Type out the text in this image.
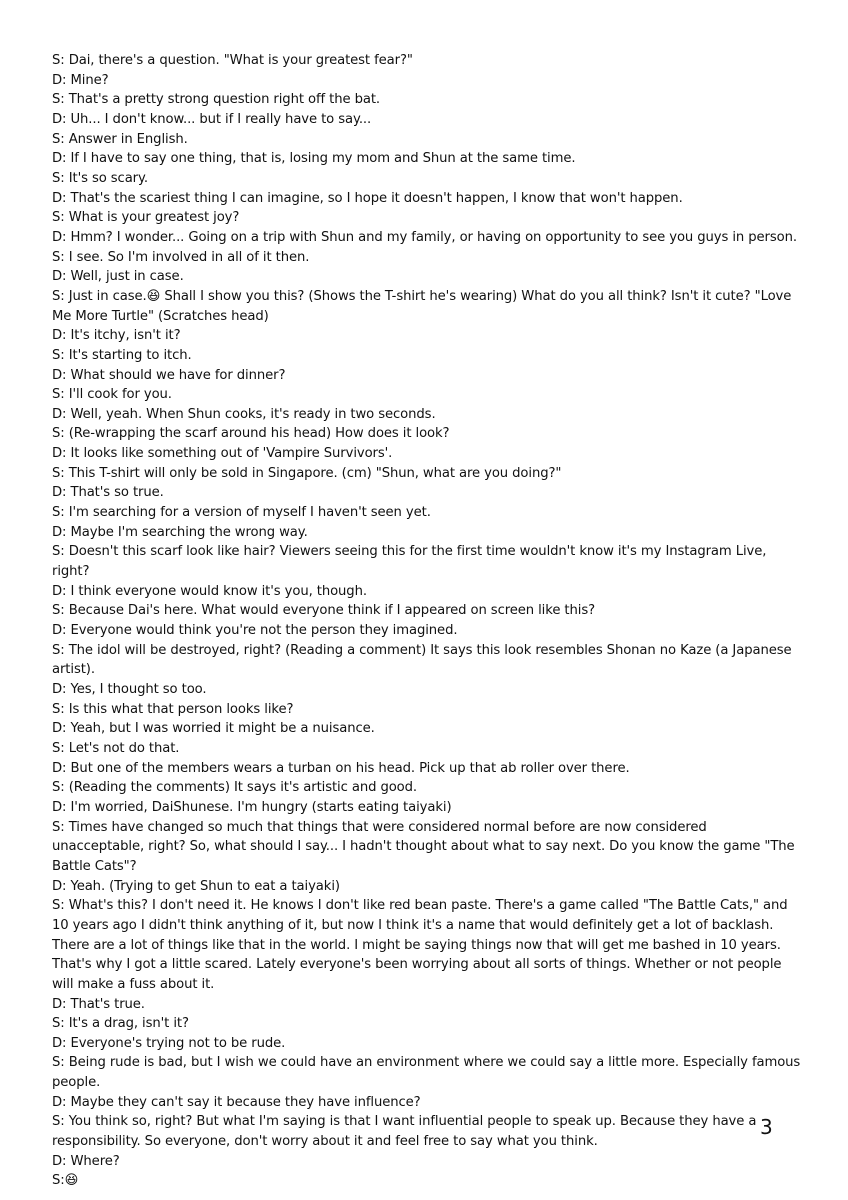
S: Dai, there's a question. "What is your greatest fear?"

D: Mine?

S: That's a pretty strong question right off the bat.

D: Uh... I don't know... but if I really have to say...

S: Answer in English.

D: If I have to say one thing, that is, losing my mom and Shun at the same time.

S: It's so scary.

D: That's the scariest thing I can imagine, so I hope it doesn't happen, I know that won't happen.

S: What is your greatest joy?

D: Hmm? I wonder... Going on a trip with Shun and my family, or having on opportunity to see you guys in person.

S: I see. So I'm involved in all of it then.

D: Well, just in case.

S: Just in case.😆 Shall I show you this? (Shows the T-shirt he's wearing) What do you all think? Isn't it cute? "Love Me More Turtle" (Scratches head)

D: It's itchy, isn't it?

S: It's starting to itch.

D: What should we have for dinner?

S: I'll cook for you.

D: Well, yeah. When Shun cooks, it's ready in two seconds.

S: (Re-wrapping the scarf around his head) How does it look?

D: It looks like something out of 'Vampire Survivors'.

S: This T-shirt will only be sold in Singapore. (cm) "Shun, what are you doing?"

D: That's so true.

S: I'm searching for a version of myself I haven't seen yet.

D: Maybe I'm searching the wrong way.

S: Doesn't this scarf look like hair? Viewers seeing this for the first time wouldn't know it's my Instagram Live, right?

D: I think everyone would know it's you, though.

S: Because Dai's here. What would everyone think if I appeared on screen like this?

D: Everyone would think you're not the person they imagined.

S: The idol will be destroyed, right? (Reading a comment) It says this look resembles Shonan no Kaze (a Japanese artist).

D: Yes, I thought so too.

S: Is this what that person looks like?

D: Yeah, but I was worried it might be a nuisance.

S: Let's not do that.

D: But one of the members wears a turban on his head. Pick up that ab roller over there.

S: (Reading the comments) It says it's artistic and good.

D: I'm worried, DaiShunese. I'm hungry (starts eating taiyaki)

S: Times have changed so much that things that were considered normal before are now considered unacceptable, right? So, what should I say... I hadn't thought about what to say next. Do you know the game "The Battle Cats"?

D: Yeah. (Trying to get Shun to eat a taiyaki)

S: What's this? I don't need it. He knows I don't like red bean paste. There's a game called "The Battle Cats," and 10 years ago I didn't think anything of it, but now I think it's a name that would definitely get a lot of backlash. There are a lot of things like that in the world. I might be saying things now that will get me bashed in 10 years. That's why I got a little scared. Lately everyone's been worrying about all sorts of things. Whether or not people will make a fuss about it.

D: That's true.

S: It's a drag, isn't it?

D: Everyone's trying not to be rude.

S: Being rude is bad, but I wish we could have an environment where we could say a little more. Especially famous people.

D: Maybe they can't say it because they have influence?

S: You think so, right? But what I'm saying is that I want influential people to speak up. Because they have a responsibility. So everyone, don't worry about it and feel free to say what you think.

D: Where?

S:😆

3
